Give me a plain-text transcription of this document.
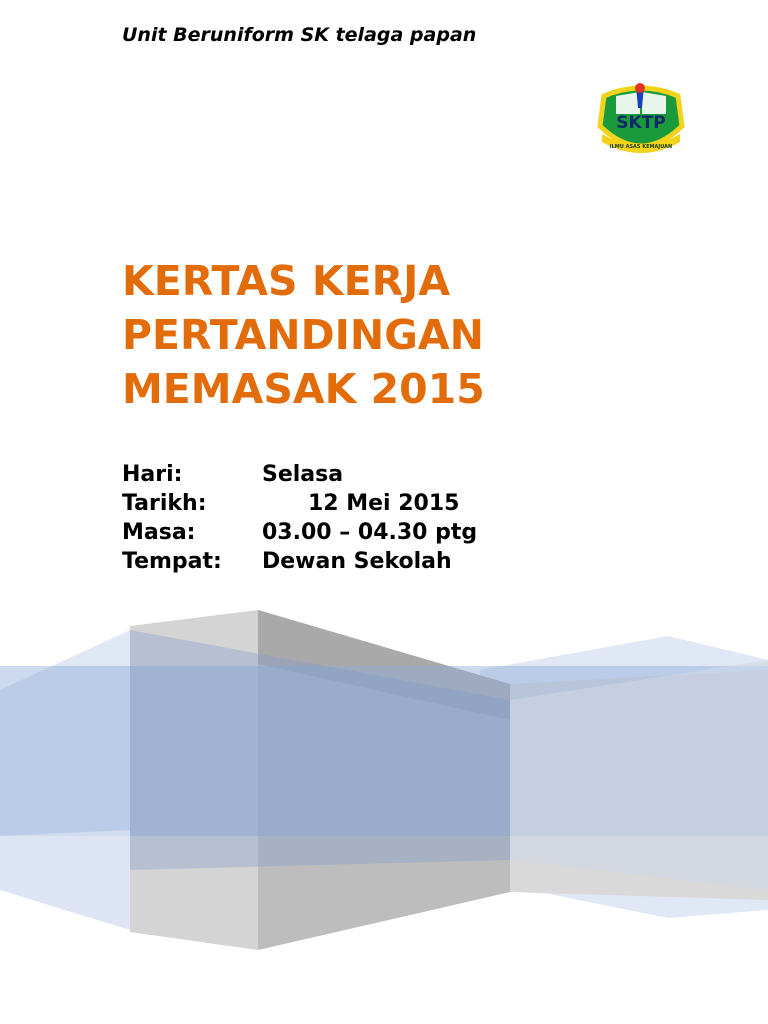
Unit Beruniform SK telaga papan
SKTP
ILMU ASAS KEMAJUAN
KERTAS KERJA
PERTANDINGAN
MEMASAK 2015
Hari:	Selasa
Tarikh:	12 Mei 2015
Masa:	03.00 – 04.30 ptg
Tempat:	Dewan Sekolah
